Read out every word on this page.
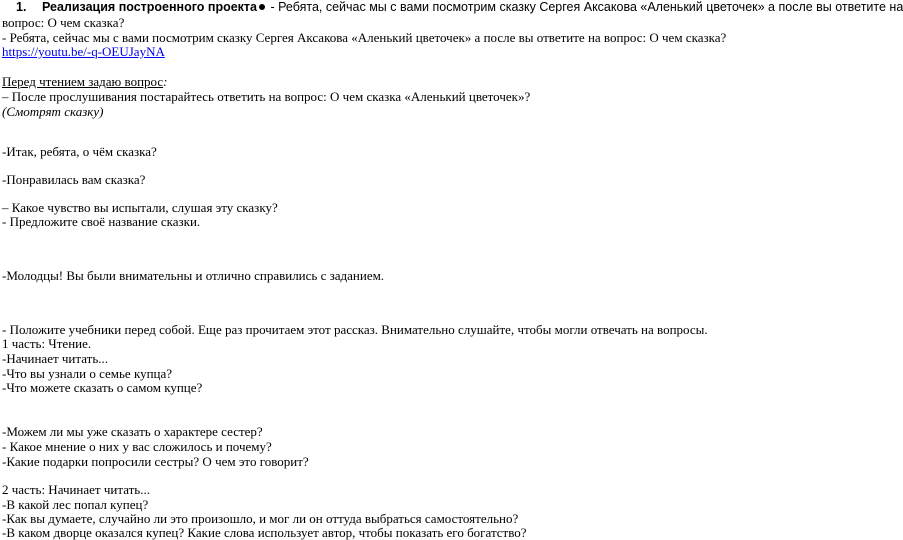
1. Реализация построенного проекта - Ребята, сейчас мы с вами посмотрим сказку Сергея Аксакова «Аленький цветочек» а после вы ответите на
вопрос: О чем сказка?
- Ребята, сейчас мы с вами посмотрим сказку Сергея Аксакова «Аленький цветочек» а после вы ответите на вопрос: О чем сказка?
https://youtu.be/-q-OEUJayNA
Перед чтением задаю вопрос:
– После прослушивания постарайтесь ответить на вопрос: О чем сказка «Аленький цветочек»?
(Смотрят сказку)
-Итак, ребята, о чём сказка?
-Понравилась вам сказка?
– Какое чувство вы испытали, слушая эту сказку?
- Предложите своё название сказки.
-Молодцы! Вы были внимательны и отлично справились с заданием.
- Положите учебники перед собой. Еще раз прочитаем этот рассказ. Внимательно слушайте, чтобы могли отвечать на вопросы.
1 часть: Чтение.
-Начинает читать...
-Что вы узнали о семье купца?
-Что можете сказать о самом купце?
-Можем ли мы уже сказать о характере сестер?
- Какое мнение о них у вас сложилось и почему?
-Какие подарки попросили сестры? О чем это говорит?
2 часть: Начинает читать...
-В какой лес попал купец?
-Как вы думаете, случайно ли это произошло, и мог ли он оттуда выбраться самостоятельно?
-В каком дворце оказался купец? Какие слова использует автор, чтобы показать его богатство?
